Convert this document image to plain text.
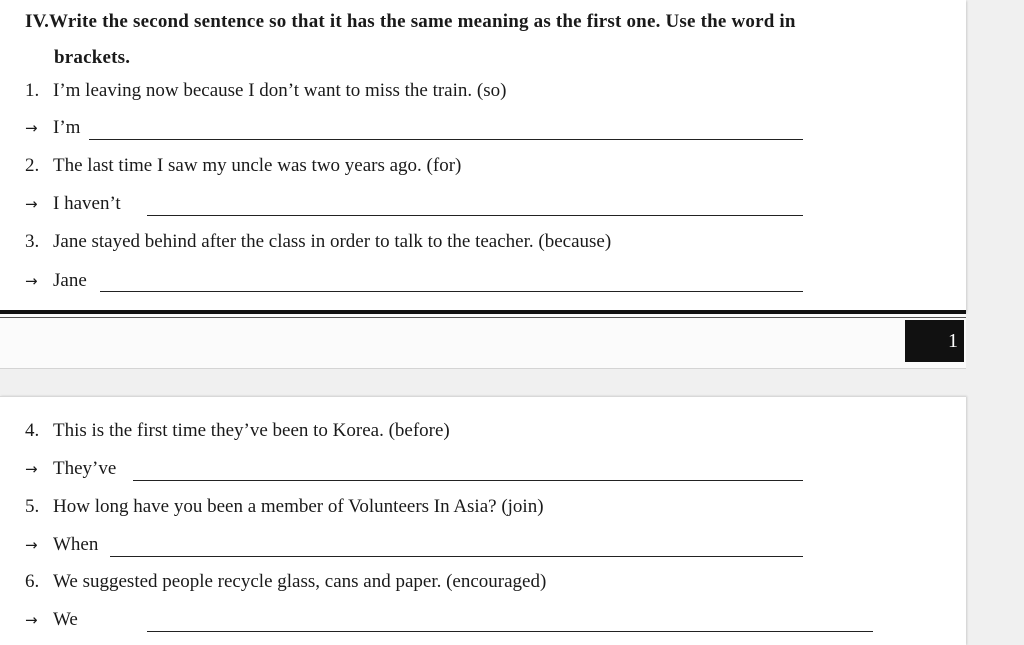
IV.Write the second sentence so that it has the same meaning as the first one. Use the word in
brackets.
1. I’m leaving now because I don’t want to miss the train. (so)
→ I’m
2. The last time I saw my uncle was two years ago. (for)
→ I haven’t
3. Jane stayed behind after the class in order to talk to the teacher. (because)
→ Jane
1
4. This is the first time they’ve been to Korea. (before)
→ They’ve
5. How long have you been a member of Volunteers In Asia? (join)
→ When
6. We suggested people recycle glass, cans and paper. (encouraged)
→ We
